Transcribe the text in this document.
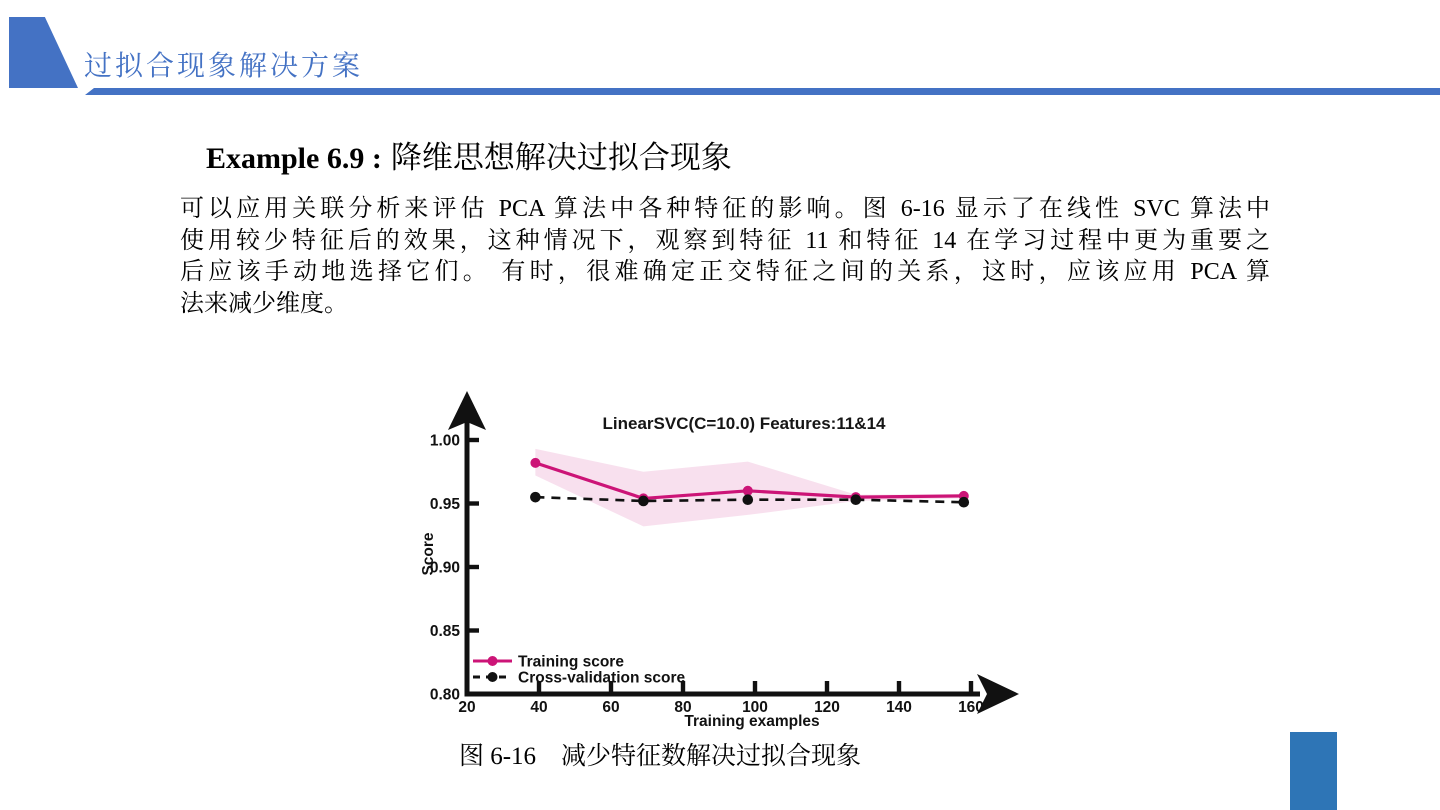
过拟合现象解决方案
Example 6.9 : 降维思想解决过拟合现象
可以应用关联分析来评估 PCA 算法中各种特征的影响。图 6-16 显示了在线性 SVC 算法中
使用较少特征后的效果，这种情况下，观察到特征 11 和特征 14 在学习过程中更为重要之
后应该手动地选择它们。 有时，很难确定正交特征之间的关系，这时，应该应用 PCA 算
法来减少维度。
0.80
0.85
0.90
0.95
1.00
20	40	60	80	100	120	140	160
LinearSVC(C=10.0) Features:11&14
Score
Training examples
Training score
Cross-validation score
图 6-16　减少特征数解决过拟合现象
